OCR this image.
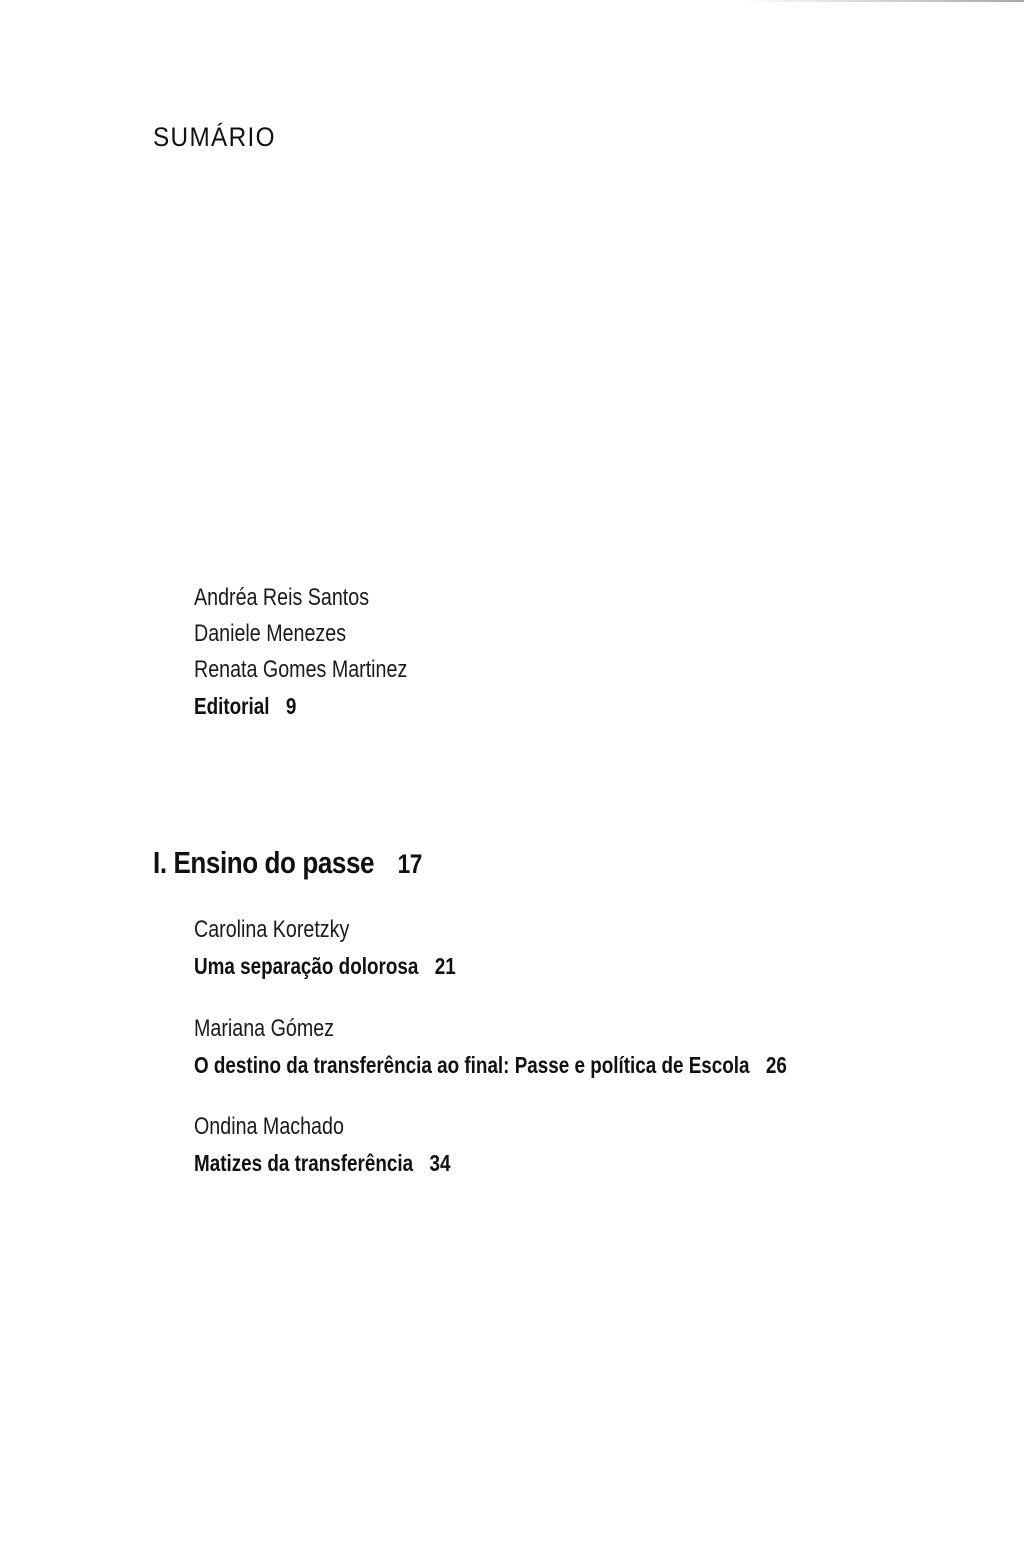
SUMÁRIO
Andréa Reis Santos
Daniele Menezes
Renata Gomes Martinez
Editorial 9
I. Ensino do passe 17
Carolina Koretzky
Uma separação dolorosa 21
Mariana Gómez
O destino da transferência ao final: Passe e política de Escola 26
Ondina Machado
Matizes da transferência 34
